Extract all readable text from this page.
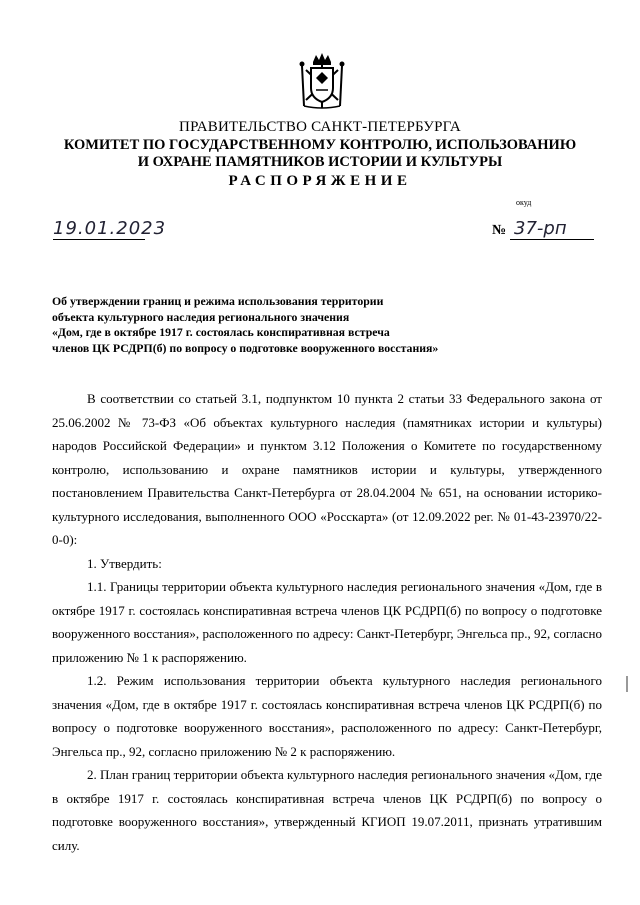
ПРАВИТЕЛЬСТВО САНКТ-ПЕТЕРБУРГА
КОМИТЕТ ПО ГОСУДАРСТВЕННОМУ КОНТРОЛЮ, ИСПОЛЬЗОВАНИЮ
И ОХРАНЕ ПАМЯТНИКОВ ИСТОРИИ И КУЛЬТУРЫ
РАСПОРЯЖЕНИЕ
окуд
19.01.2023	№ 37-рп
Об утверждении границ и режима использования территории
объекта культурного наследия регионального значения
«Дом, где в октябре 1917 г. состоялась конспиративная встреча
членов ЦК РСДРП(б) по вопросу о подготовке вооруженного восстания»

В соответствии со статьей 3.1, подпунктом 10 пункта 2 статьи 33 Федерального закона от 25.06.2002 № 73-ФЗ «Об объектах культурного наследия (памятниках истории и культуры) народов Российской Федерации» и пунктом 3.12 Положения о Комитете по государственному контролю, использованию и охране памятников истории и культуры, утвержденного постановлением Правительства Санкт-Петербурга от 28.04.2004 № 651, на основании историко-культурного исследования, выполненного ООО «Росскарта» (от 12.09.2022 рег. № 01-43-23970/22-0-0):

1. Утвердить:

1.1. Границы территории объекта культурного наследия регионального значения «Дом, где в октябре 1917 г. состоялась конспиративная встреча членов ЦК РСДРП(б) по вопросу о подготовке вооруженного восстания», расположенного по адресу: Санкт-Петербург, Энгельса пр., 92, согласно приложению № 1 к распоряжению.

1.2. Режим использования территории объекта культурного наследия регионального значения «Дом, где в октябре 1917 г. состоялась конспиративная встреча членов ЦК РСДРП(б) по вопросу о подготовке вооруженного восстания», расположенного по адресу: Санкт-Петербург, Энгельса пр., 92, согласно приложению № 2 к распоряжению.

2. План границ территории объекта культурного наследия регионального значения «Дом, где в октябре 1917 г. состоялась конспиративная встреча членов ЦК РСДРП(б) по вопросу о подготовке вооруженного восстания», утвержденный КГИОП 19.07.2011, признать утратившим силу.
